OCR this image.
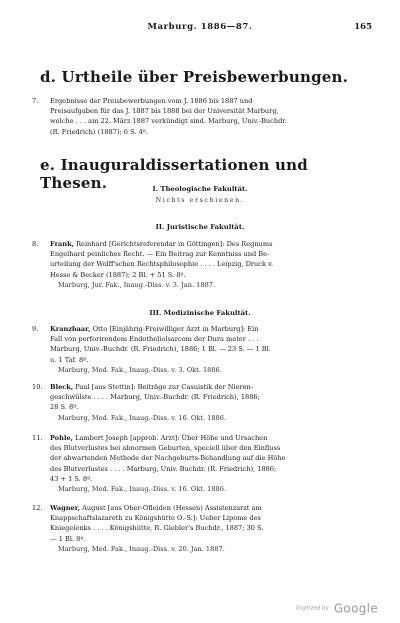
Marburg. 1886—87.	165
d. Urtheile über Preisbewerbungen.
7.	Ergebnisse der Preisbewerbungen vom J. 1886 bis 1887 und
Preisaufgaben für das J. 1887 bis 1888 bei der Universität Marburg,
welche . . . am 22. März 1887 verkündigt sind. Marburg, Univ.-Buchdr.
(R. Friedrich) (1887); 6 S. 4º.
e. Inauguraldissertationen und Thesen.	I. Theologische Fakultät.
Nichts erschienen.
II. Juristische Fakultät.
8.	Frank, Reinhard [Gerichtsreferendar in Göttingen]: Des Regnums
Engelhard peinliches Recht. — Ein Beitrag zur Kenntniss und Be-
urteilung der Wolff'schen Rechtsphilosophie . . . . Leipzig, Druck v.
Hesse & Becker (1887); 2 Bl. + 51 S. 8º.
Marburg, Jur. Fak., Inaug.-Diss. v. 3. Jan. 1887.
III. Medizinische Fakultät.
9.	Kranzbaar, Otto [Einjährig-Freiwilliger Arzt in Marburg]: Ein
Fall von perforirendem Endotheliolsarcom der Dura mater . . .
Marburg, Univ.-Buchdr. (R. Friedrich), 1886; 1 Bl. — 23 S. — 1 Bl.
u. 1 Taf. 8º.
Marburg, Med. Fak., Inaug.-Diss. v. 3. Okt. 1886.
10.	Bleck, Paul [aus Stettin]: Beiträge zur Casuistik der Nieren-
geschwülste . . . . Marburg, Univ.-Buchdr. (R. Friedrich), 1886;
28 S. 8º.
Marburg, Med. Fak., Inaug.-Diss. v. 16. Okt. 1886.
11.	Pohle, Lambert Joseph [approb. Arzt]: Über Höhe und Ursachen
des Blutverlustes bei abnormen Geburten, speciell über den Einfluss
der abwartenden Methode der Nachgeburts-Behandlung auf die Höhe
des Blutverlustes . . . . Marburg, Univ. Buchdr. (R. Friedrich), 1886;
43 + 1 S. 8º.
Marburg, Med. Fak., Inaug.-Diss. v. 16. Okt. 1886.
12.	Wagner, August [aus Ober-Ofleiden (Hessen) Assistenzarzt am
Knappschaftslazareth zu Königshütte O.-S.]: Ueber Lipome des
Kniegelenks . . . . Königshütte, R. Giebler's Buchdr., 1887; 30 S.
— 1 Bl. 8º.
Marburg, Med. Fak., Inaug.-Diss. v. 20. Jan. 1887.
Digitized by Google
